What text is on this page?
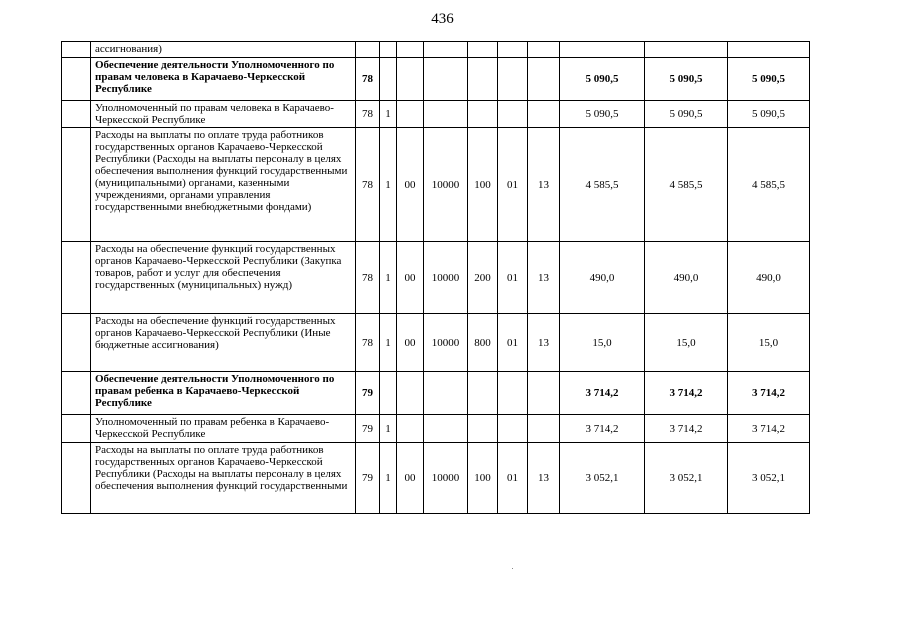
436
	ассигнования)										
	Обеспечение деятельности Уполномоченного по правам человека в Карачаево-Черкесской Республике	78							5 090,5	5 090,5	5 090,5
	Уполномоченный по правам человека в Карачаево-Черкесской Республике	78	1						5 090,5	5 090,5	5 090,5
	Расходы на выплаты по оплате труда работников государственных органов Карачаево-Черкесской Республики (Расходы на выплаты персоналу в целях обеспечения выполнения функций государственными (муниципальными) органами, казенными учреждениями, органами управления государственными внебюджетными фондами)	78	1	00	10000	100	01	13	4 585,5	4 585,5	4 585,5
	Расходы на обеспечение функций государственных органов Карачаево-Черкесской Республики (Закупка товаров, работ и услуг для обеспечения государственных (муниципальных) нужд)	78	1	00	10000	200	01	13	490,0	490,0	490,0
	Расходы на обеспечение функций государственных органов Карачаево-Черкесской Республики (Иные бюджетные ассигнования)	78	1	00	10000	800	01	13	15,0	15,0	15,0
	Обеспечение деятельности Уполномоченного по правам ребенка в Карачаево-Черкесской Республике	79							3 714,2	3 714,2	3 714,2
	Уполномоченный по правам ребенка в Карачаево-Черкесской Республике	79	1						3 714,2	3 714,2	3 714,2
	Расходы на выплаты по оплате труда работников государственных органов Карачаево-Черкесской Республики (Расходы на выплаты персоналу в целях обеспечения выполнения функций государственными	79	1	00	10000	100	01	13	3 052,1	3 052,1	3 052,1
